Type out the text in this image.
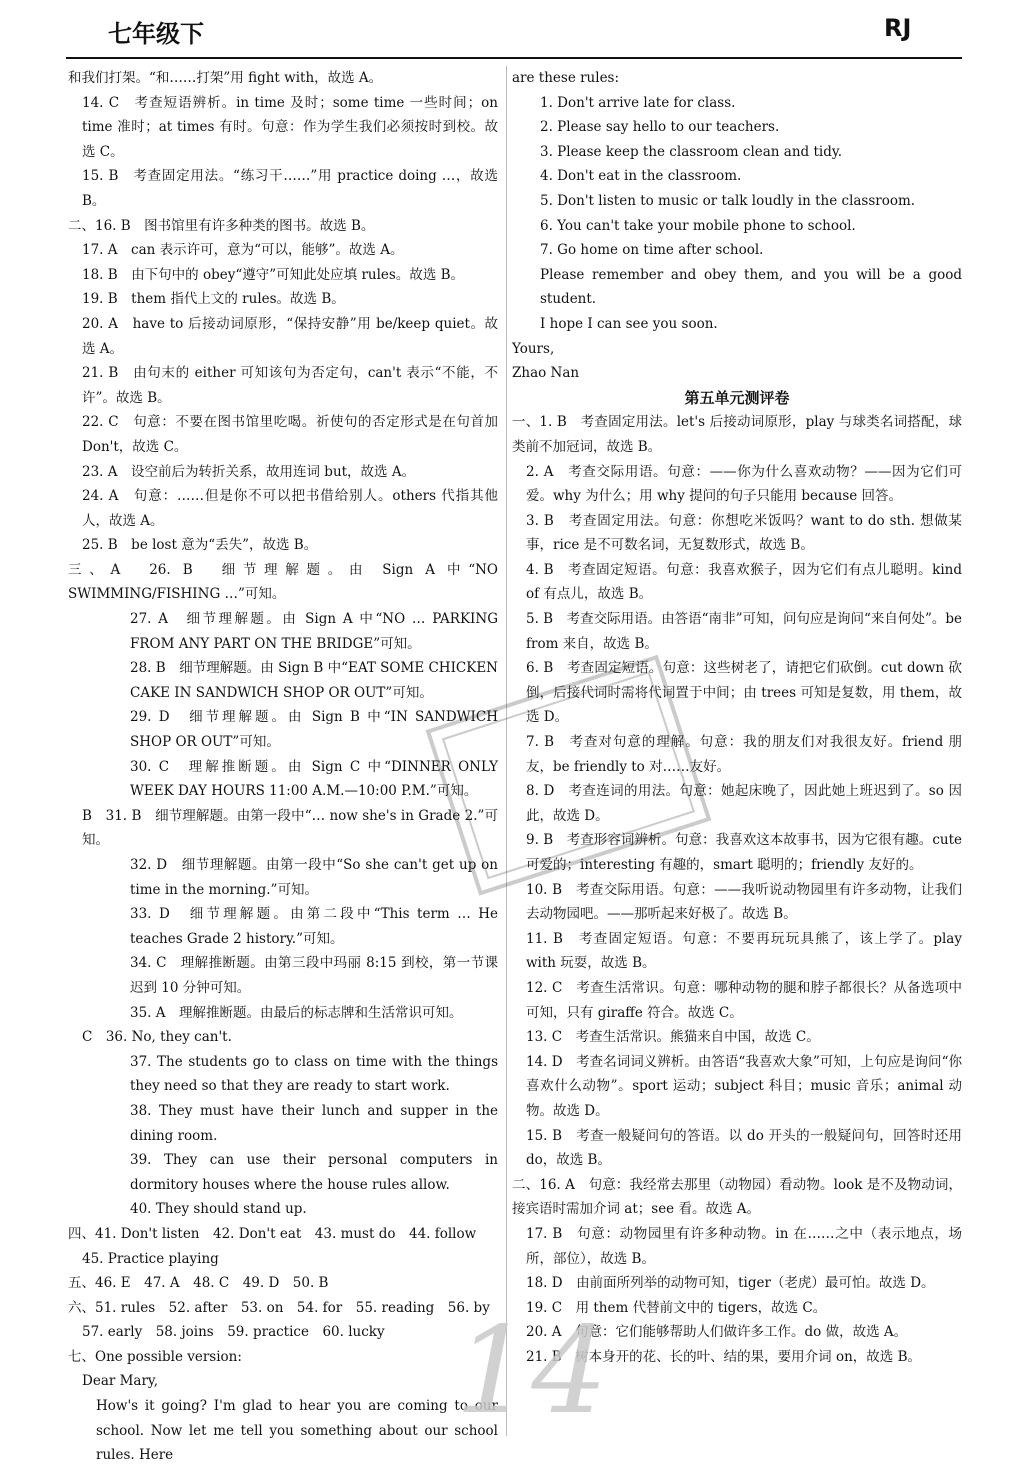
七年级下	RJ
和我们打架。“和……打架”用 fight with，故选 A。
14. C　考查短语辨析。in time 及时；some time 一些时间；on time 准时；at times 有时。句意：作为学生我们必须按时到校。故选 C。
15. B　考查固定用法。“练习干……”用 practice doing …，故选 B。
二、16. B　图书馆里有许多种类的图书。故选 B。
17. A　can 表示许可，意为“可以，能够”。故选 A。
18. B　由下句中的 obey“遵守”可知此处应填 rules。故选 B。
19. B　them 指代上文的 rules。故选 B。
20. A　have to 后接动词原形，“保持安静”用 be/keep quiet。故选 A。
21. B　由句末的 either 可知该句为否定句，can't 表示“不能，不许”。故选 B。
22. C　句意：不要在图书馆里吃喝。祈使句的否定形式是在句首加 Don't，故选 C。
23. A　设空前后为转折关系，故用连词 but，故选 A。
24. A　句意：……但是你不可以把书借给别人。others 代指其他人，故选 A。
25. B　be lost 意为“丢失”，故选 B。
三、A　26. B　细节理解题。由 Sign A 中“NO SWIMMING/FISHING …”可知。
27. A　细节理解题。由 Sign A 中“NO … PARKING FROM ANY PART ON THE BRIDGE”可知。
28. B　细节理解题。由 Sign B 中“EAT SOME CHICKEN CAKE IN SANDWICH SHOP OR OUT”可知。
29. D　细节理解题。由 Sign B 中“IN SANDWICH SHOP OR OUT”可知。
30. C　理解推断题。由 Sign C 中“DINNER ONLY WEEK DAY HOURS 11:00 A.M.—10:00 P.M.”可知。
B　31. B　细节理解题。由第一段中“… now she's in Grade 2.”可知。
32. D　细节理解题。由第一段中“So she can't get up on time in the morning.”可知。
33. D　细节理解题。由第二段中“This term … He teaches Grade 2 history.”可知。
34. C　理解推断题。由第三段中玛丽 8:15 到校，第一节课迟到 10 分钟可知。
35. A　理解推断题。由最后的标志牌和生活常识可知。
C　36. No, they can't.
37. The students go to class on time with the things they need so that they are ready to start work.
38. They must have their lunch and supper in the dining room.
39. They can use their personal computers in dormitory houses where the house rules allow.
40. They should stand up.
四、41. Don't listen　42. Don't eat　43. must do　44. follow
45. Practice playing
五、46. E　47. A　48. C　49. D　50. B
六、51. rules　52. after　53. on　54. for　55. reading　56. by
57. early　58. joins　59. practice　60. lucky
七、One possible version:
Dear Mary,
How's it going? I'm glad to hear you are coming to our school. Now let me tell you something about our school rules. Here
are these rules:
1. Don't arrive late for class.
2. Please say hello to our teachers.
3. Please keep the classroom clean and tidy.
4. Don't eat in the classroom.
5. Don't listen to music or talk loudly in the classroom.
6. You can't take your mobile phone to school.
7. Go home on time after school.
Please remember and obey them, and you will be a good student.
I hope I can see you soon.
Yours,
Zhao Nan
第五单元测评卷
一、1. B　考查固定用法。let's 后接动词原形，play 与球类名词搭配，球类前不加冠词，故选 B。
2. A　考查交际用语。句意：——你为什么喜欢动物？——因为它们可爱。why 为什么；用 why 提问的句子只能用 because 回答。
3. B　考查固定用法。句意：你想吃米饭吗？want to do sth. 想做某事，rice 是不可数名词，无复数形式，故选 B。
4. B　考查固定短语。句意：我喜欢猴子，因为它们有点儿聪明。kind of 有点儿，故选 B。
5. B　考查交际用语。由答语“南非”可知，问句应是询问“来自何处”。be from 来自，故选 B。
6. B　考查固定短语。句意：这些树老了，请把它们砍倒。cut down 砍倒，后接代词时需将代词置于中间；由 trees 可知是复数，用 them，故选 D。
7. B　考查对句意的理解。句意：我的朋友们对我很友好。friend 朋友，be friendly to 对……友好。
8. D　考查连词的用法。句意：她起床晚了，因此她上班迟到了。so 因此，故选 D。
9. B　考查形容词辨析。句意：我喜欢这本故事书，因为它很有趣。cute 可爱的；interesting 有趣的，smart 聪明的；friendly 友好的。
10. B　考查交际用语。句意：——我听说动物园里有许多动物，让我们去动物园吧。——那听起来好极了。故选 B。
11. B　考查固定短语。句意：不要再玩玩具熊了，该上学了。play with 玩耍，故选 B。
12. C　考查生活常识。句意：哪种动物的腿和脖子都很长？从备选项中可知，只有 giraffe 符合。故选 C。
13. C　考查生活常识。熊猫来自中国，故选 C。
14. D　考查名词词义辨析。由答语“我喜欢大象”可知，上句应是询问“你喜欢什么动物”。sport 运动；subject 科目；music 音乐；animal 动物。故选 D。
15. B　考查一般疑问句的答语。以 do 开头的一般疑问句，回答时还用 do，故选 B。
二、16. A　句意：我经常去那里（动物园）看动物。look 是不及物动词，接宾语时需加介词 at；see 看。故选 A。
17. B　句意：动物园里有许多种动物。in 在……之中（表示地点，场所，部位），故选 B。
18. D　由前面所列举的动物可知，tiger（老虎）最可怕。故选 D。
19. C　用 them 代替前文中的 tigers，故选 C。
20. A　句意：它们能够帮助人们做许多工作。do 做，故选 A。
21. B　树本身开的花、长的叶、结的果，要用介词 on，故选 B。
14
